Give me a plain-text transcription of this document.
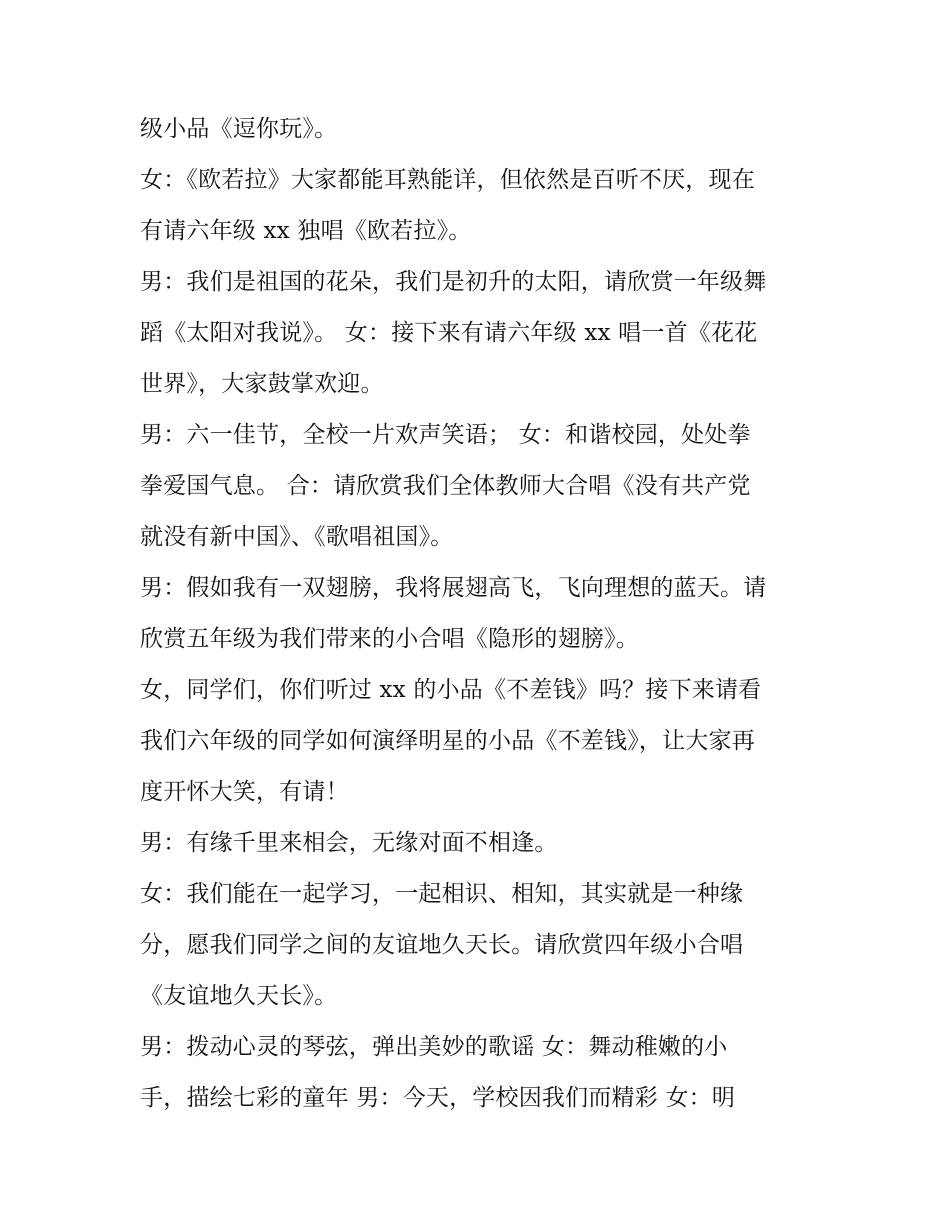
级小品《逗你玩》。
女：《欧若拉》大家都能耳熟能详，但依然是百听不厌，现在
有请六年级 xx 独唱《欧若拉》。
男：我们是祖国的花朵，我们是初升的太阳，请欣赏一年级舞
蹈《太阳对我说》。 女：接下来有请六年级 xx 唱一首《花花
世界》，大家鼓掌欢迎。
男：六一佳节，全校一片欢声笑语； 女：和谐校园，处处拳
拳爱国气息。 合：请欣赏我们全体教师大合唱《没有共产党
就没有新中国》、《歌唱祖国》。
男：假如我有一双翅膀，我将展翅高飞，飞向理想的蓝天。请
欣赏五年级为我们带来的小合唱《隐形的翅膀》。
女，同学们，你们听过 xx 的小品《不差钱》吗？接下来请看
我们六年级的同学如何演绎明星的小品《不差钱》，让大家再
度开怀大笑，有请！
男：有缘千里来相会，无缘对面不相逢。
女：我们能在一起学习，一起相识、相知，其实就是一种缘
分，愿我们同学之间的友谊地久天长。请欣赏四年级小合唱
《友谊地久天长》。
男：拨动心灵的琴弦，弹出美妙的歌谣 女：舞动稚嫩的小
手，描绘七彩的童年 男：今天，学校因我们而精彩 女：明
